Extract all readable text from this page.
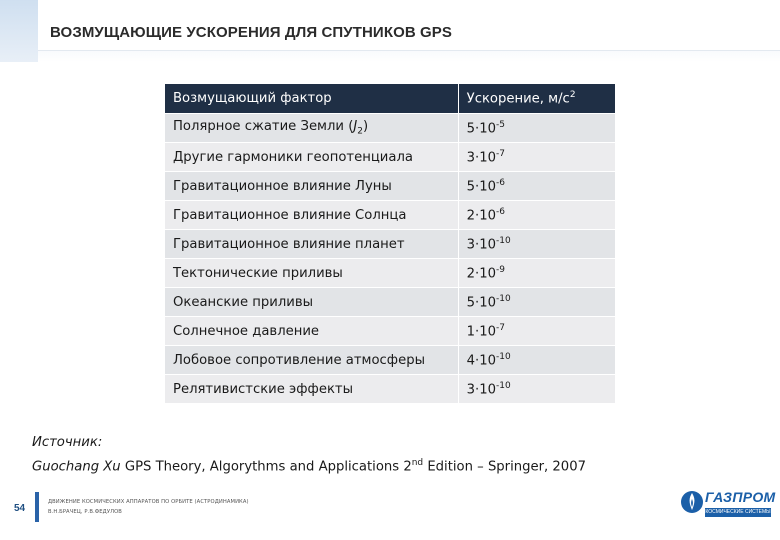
ВОЗМУЩАЮЩИЕ УСКОРЕНИЯ ДЛЯ СПУТНИКОВ GPS
Возмущающий фактор	Ускорение, $м/с^2$
Полярное сжатие Земли $(J_2)$	$5\cdot 10^{-5}$
Другие гармоники геопотенциала	$3\cdot 10^{-7}$
Гравитационное влияние Луны	$5\cdot 10^{-6}$
Гравитационное влияние Солнца	$2\cdot 10^{-6}$
Гравитационное влияние планет	$3\cdot 10^{-10}$
Тектонические приливы	$2\cdot 10^{-9}$
Океанские приливы	$5\cdot 10^{-10}$
Солнечное давление	$1\cdot 10^{-7}$
Лобовое сопротивление атмосферы	$4\cdot 10^{-10}$
Релятивистские эффекты	$3\cdot 10^{-10}$
Источник:
Guochang Xu GPS Theory, Algorythms and Applications 2nd Edition – Springer, 2007
54
ДВИЖЕНИЕ КОСМИЧЕСКИХ АППАРАТОВ ПО ОРБИТЕ (АСТРОДИНАМИКА)
В.Н.БРАЧЕЦ, Р.В.ФЕДУЛОВ
ГАЗПРОМ
КОСМИЧЕСКИЕ СИСТЕМЫ
